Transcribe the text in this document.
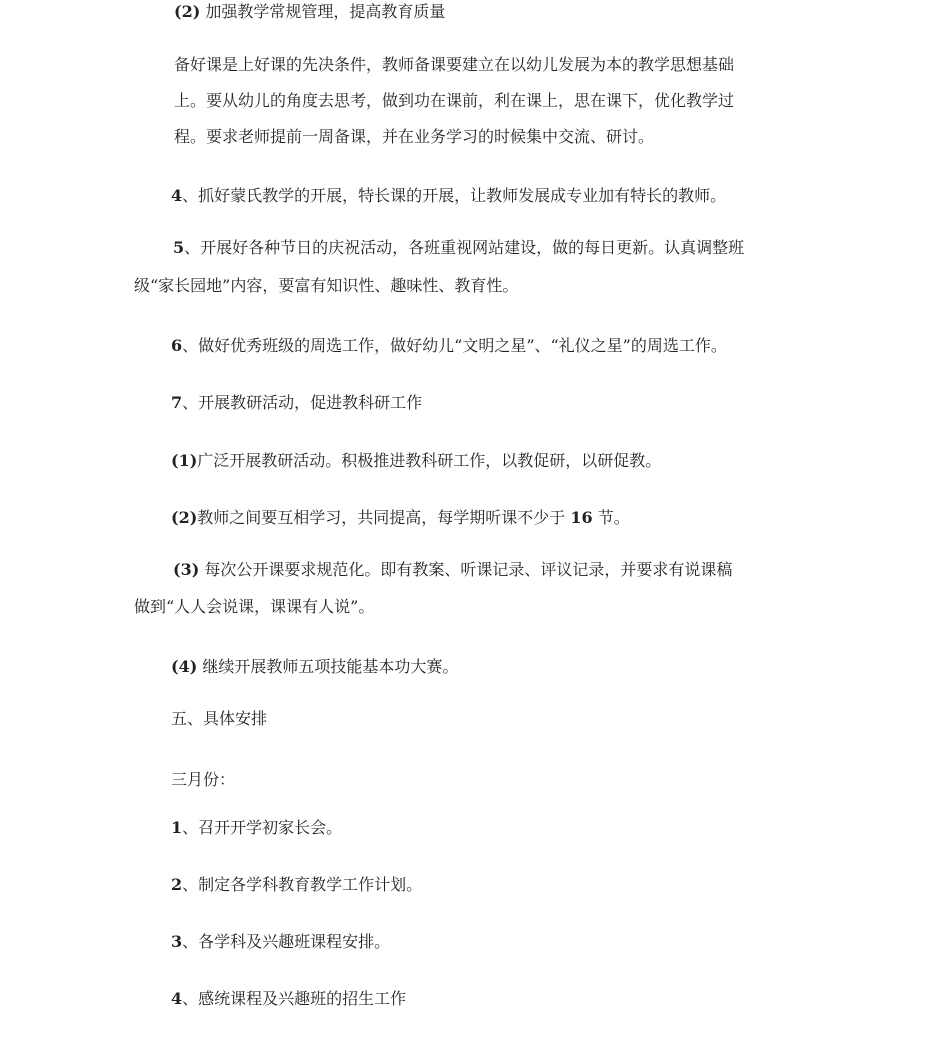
(2) 加强教学常规管理，提高教育质量
备好课是上好课的先决条件，教师备课要建立在以幼儿发展为本的教学思想基础
上。要从幼儿的角度去思考，做到功在课前，利在课上，思在课下，优化教学过
程。要求老师提前一周备课，并在业务学习的时候集中交流、研讨。
4、抓好蒙氏教学的开展，特长课的开展，让教师发展成专业加有特长的教师。
5、开展好各种节日的庆祝活动，各班重视网站建设，做的每日更新。认真调整班
级“家长园地”内容，要富有知识性、趣味性、教育性。
6、做好优秀班级的周选工作，做好幼儿“文明之星”、“礼仪之星”的周选工作。
7、开展教研活动，促进教科研工作
(1)广泛开展教研活动。积极推进教科研工作，以教促研，以研促教。
(2)教师之间要互相学习，共同提高，每学期听课不少于 16 节。
(3) 每次公开课要求规范化。即有教案、听课记录、评议记录，并要求有说课稿
做到“人人会说课，课课有人说”。
(4) 继续开展教师五项技能基本功大赛。
五、具体安排
三月份：
1、召开开学初家长会。
2、制定各学科教育教学工作计划。
3、各学科及兴趣班课程安排。
4、感统课程及兴趣班的招生工作
